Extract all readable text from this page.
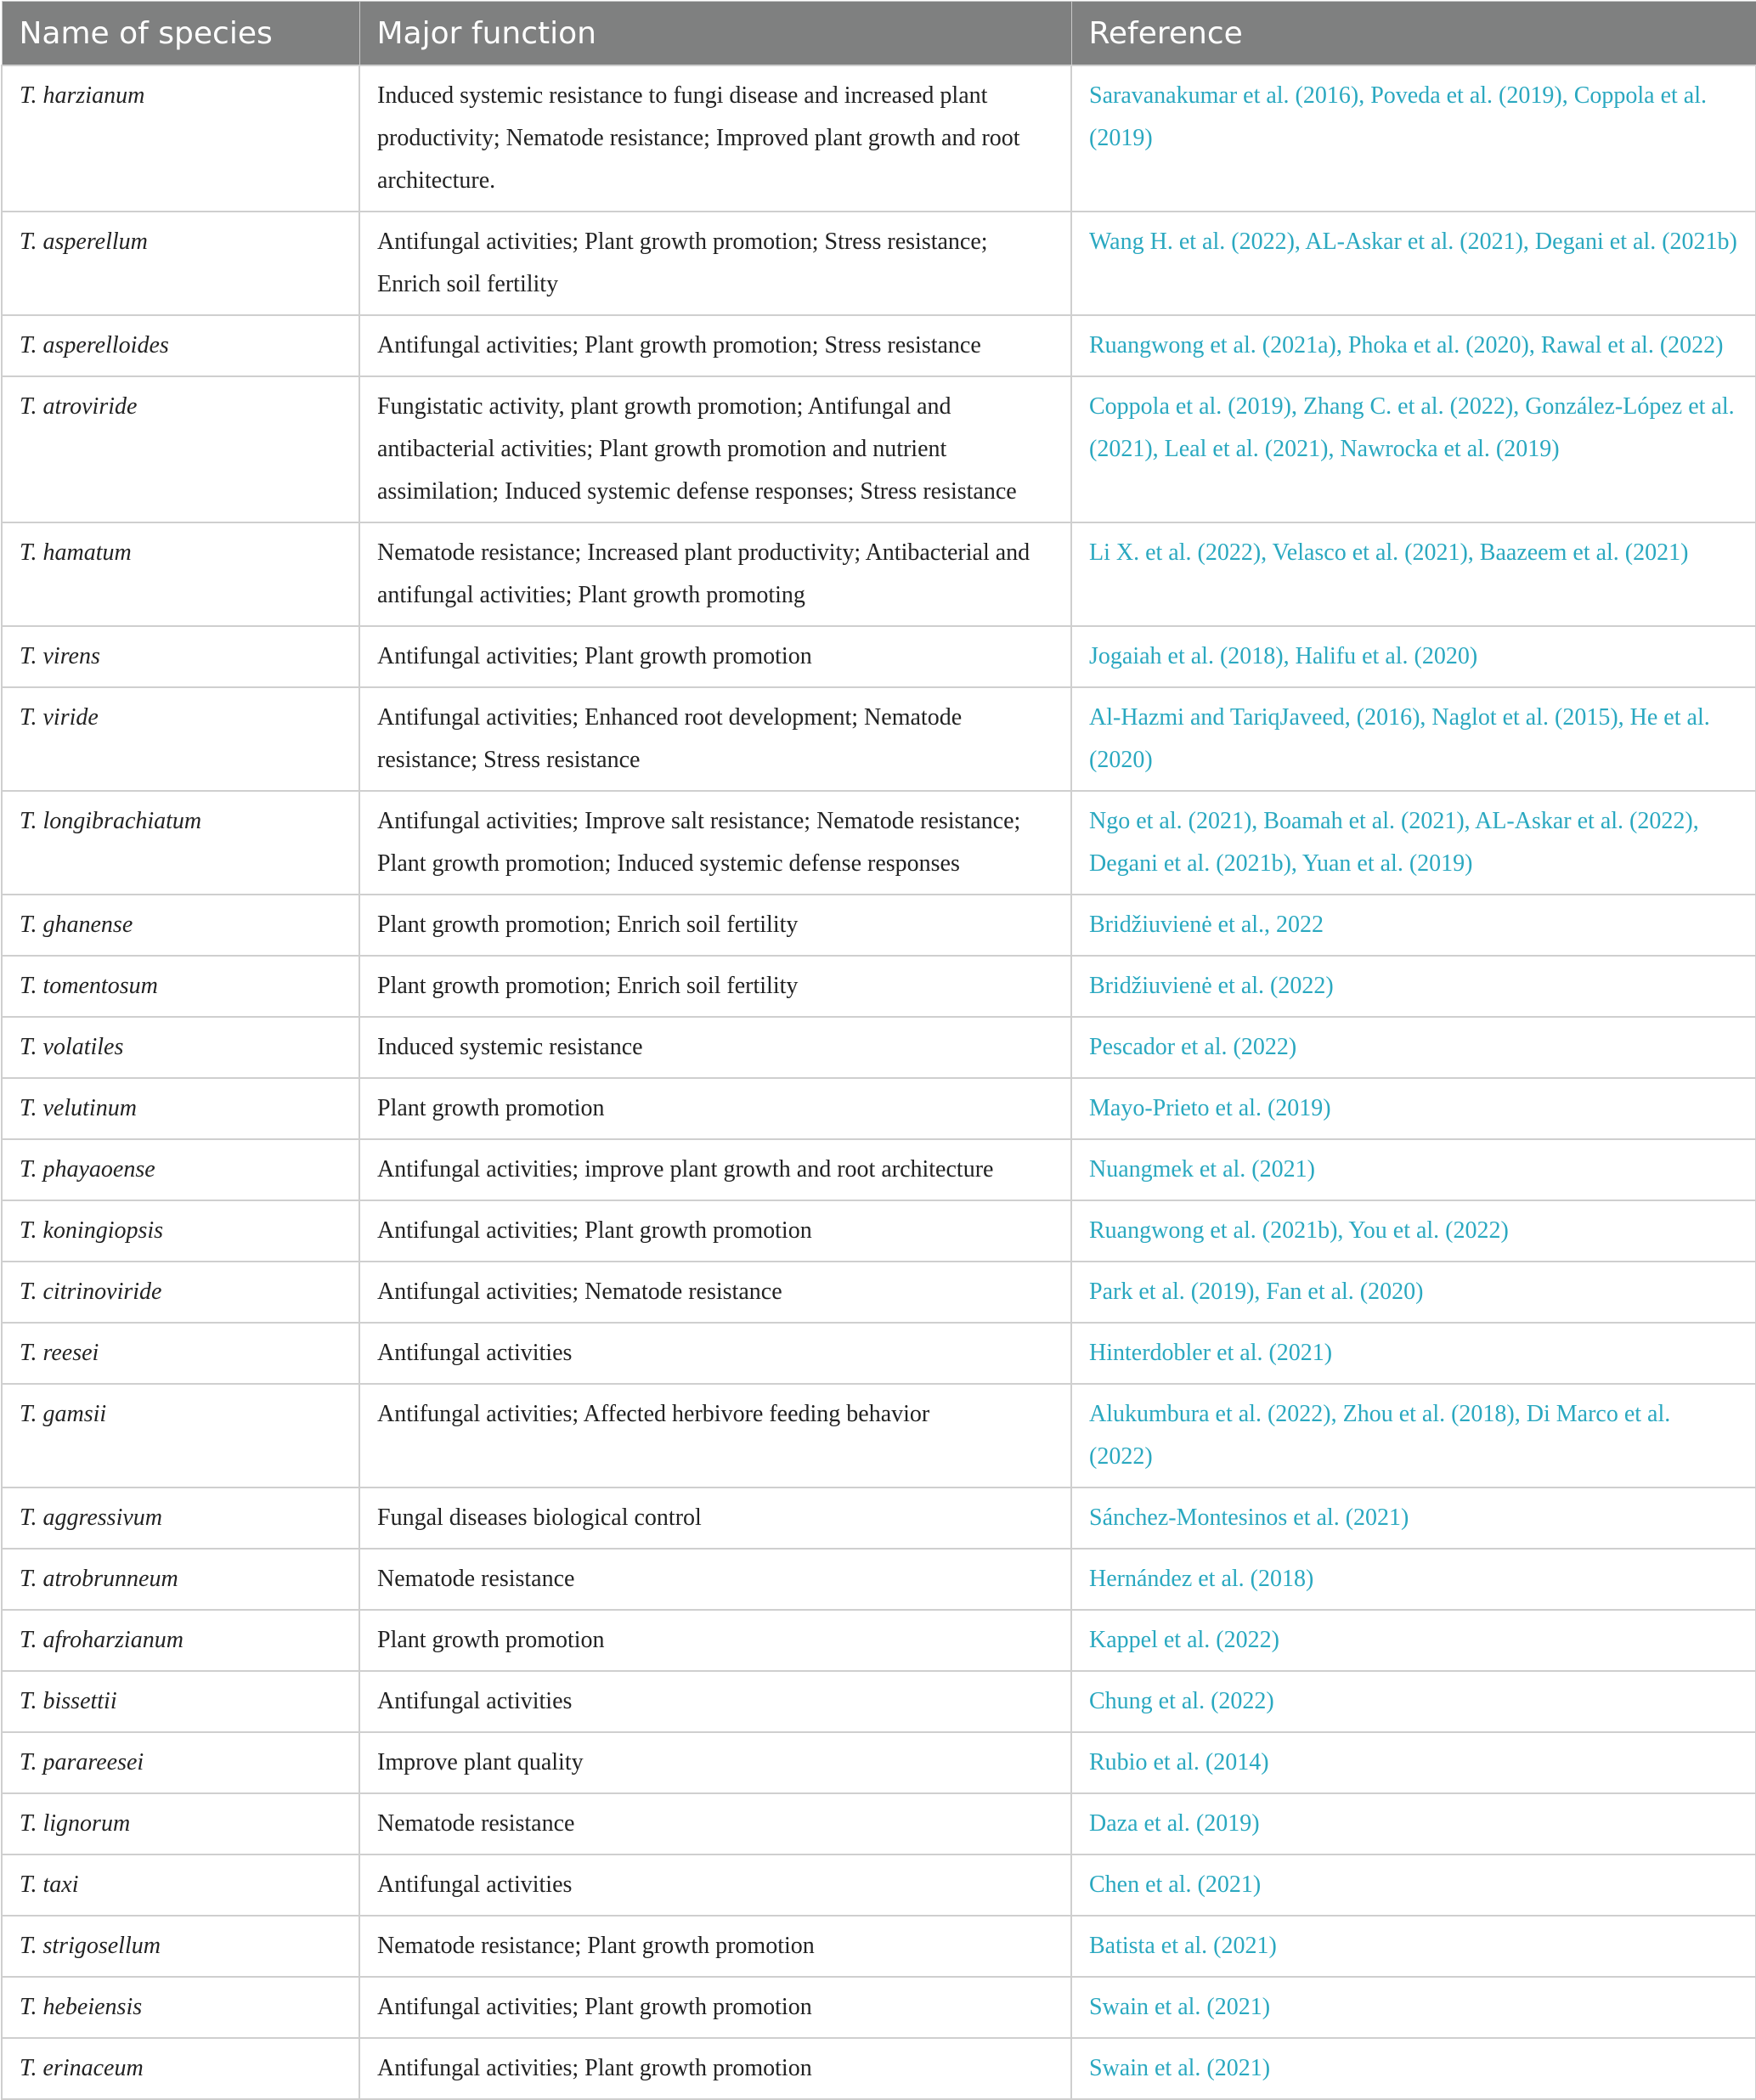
Name of species	Major function	Reference
T. harzianum	Induced systemic resistance to fungi disease and increased plant productivity; Nematode resistance; Improved plant growth and root architecture.	Saravanakumar et al. (2016), Poveda et al. (2019), Coppola et al. (2019)
T. asperellum	Antifungal activities; Plant growth promotion; Stress resistance; Enrich soil fertility	Wang H. et al. (2022), AL-Askar et al. (2021), Degani et al. (2021b)
T. asperelloides	Antifungal activities; Plant growth promotion; Stress resistance	Ruangwong et al. (2021a), Phoka et al. (2020), Rawal et al. (2022)
T. atroviride	Fungistatic activity, plant growth promotion; Antifungal and antibacterial activities; Plant growth promotion and nutrient assimilation; Induced systemic defense responses; Stress resistance	Coppola et al. (2019), Zhang C. et al. (2022), González-López et al. (2021), Leal et al. (2021), Nawrocka et al. (2019)
T. hamatum	Nematode resistance; Increased plant productivity; Antibacterial and antifungal activities; Plant growth promoting	Li X. et al. (2022), Velasco et al. (2021), Baazeem et al. (2021)
T. virens	Antifungal activities; Plant growth promotion	Jogaiah et al. (2018), Halifu et al. (2020)
T. viride	Antifungal activities; Enhanced root development; Nematode resistance; Stress resistance	Al-Hazmi and TariqJaveed, (2016), Naglot et al. (2015), He et al. (2020)
T. longibrachiatum	Antifungal activities; Improve salt resistance; Nematode resistance; Plant growth promotion; Induced systemic defense responses	Ngo et al. (2021), Boamah et al. (2021), AL-Askar et al. (2022), Degani et al. (2021b), Yuan et al. (2019)
T. ghanense	Plant growth promotion; Enrich soil fertility	Bridžiuvienė et al., 2022
T. tomentosum	Plant growth promotion; Enrich soil fertility	Bridžiuvienė et al. (2022)
T. volatiles	Induced systemic resistance	Pescador et al. (2022)
T. velutinum	Plant growth promotion	Mayo-Prieto et al. (2019)
T. phayaoense	Antifungal activities; improve plant growth and root architecture	Nuangmek et al. (2021)
T. koningiopsis	Antifungal activities; Plant growth promotion	Ruangwong et al. (2021b), You et al. (2022)
T. citrinoviride	Antifungal activities; Nematode resistance	Park et al. (2019), Fan et al. (2020)
T. reesei	Antifungal activities	Hinterdobler et al. (2021)
T. gamsii	Antifungal activities; Affected herbivore feeding behavior	Alukumbura et al. (2022), Zhou et al. (2018), Di Marco et al. (2022)
T. aggressivum	Fungal diseases biological control	Sánchez-Montesinos et al. (2021)
T. atrobrunneum	Nematode resistance	Hernández et al. (2018)
T. afroharzianum	Plant growth promotion	Kappel et al. (2022)
T. bissettii	Antifungal activities	Chung et al. (2022)
T. parareesei	Improve plant quality	Rubio et al. (2014)
T. lignorum	Nematode resistance	Daza et al. (2019)
T. taxi	Antifungal activities	Chen et al. (2021)
T. strigosellum	Nematode resistance; Plant growth promotion	Batista et al. (2021)
T. hebeiensis	Antifungal activities; Plant growth promotion	Swain et al. (2021)
T. erinaceum	Antifungal activities; Plant growth promotion	Swain et al. (2021)
